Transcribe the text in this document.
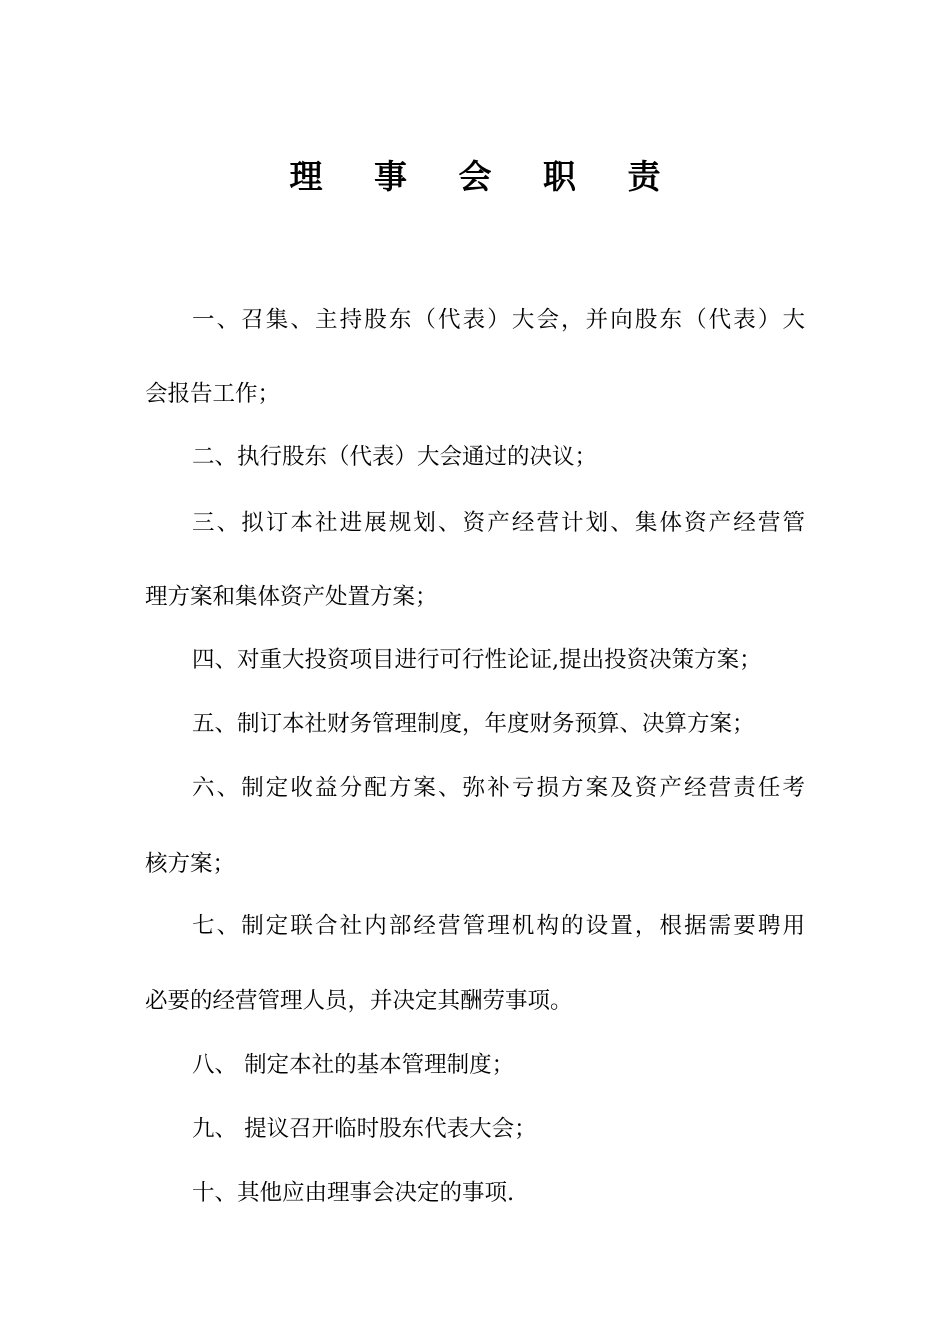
理 事 会 职 责
一、召集、主持股东（代表）大会，并向股东（代表）大
会报告工作；
二、执行股东（代表）大会通过的决议；
三、拟订本社进展规划、资产经营计划、集体资产经营管
理方案和集体资产处置方案；
四、对重大投资项目进行可行性论证,提出投资决策方案；
五、制订本社财务管理制度，年度财务预算、决算方案；
六、制定收益分配方案、弥补亏损方案及资产经营责任考
核方案；
七、制定联合社内部经营管理机构的设置，根据需要聘用
必要的经营管理人员，并决定其酬劳事项。
八、 制定本社的基本管理制度；
九、 提议召开临时股东代表大会；
十、其他应由理事会决定的事项.
